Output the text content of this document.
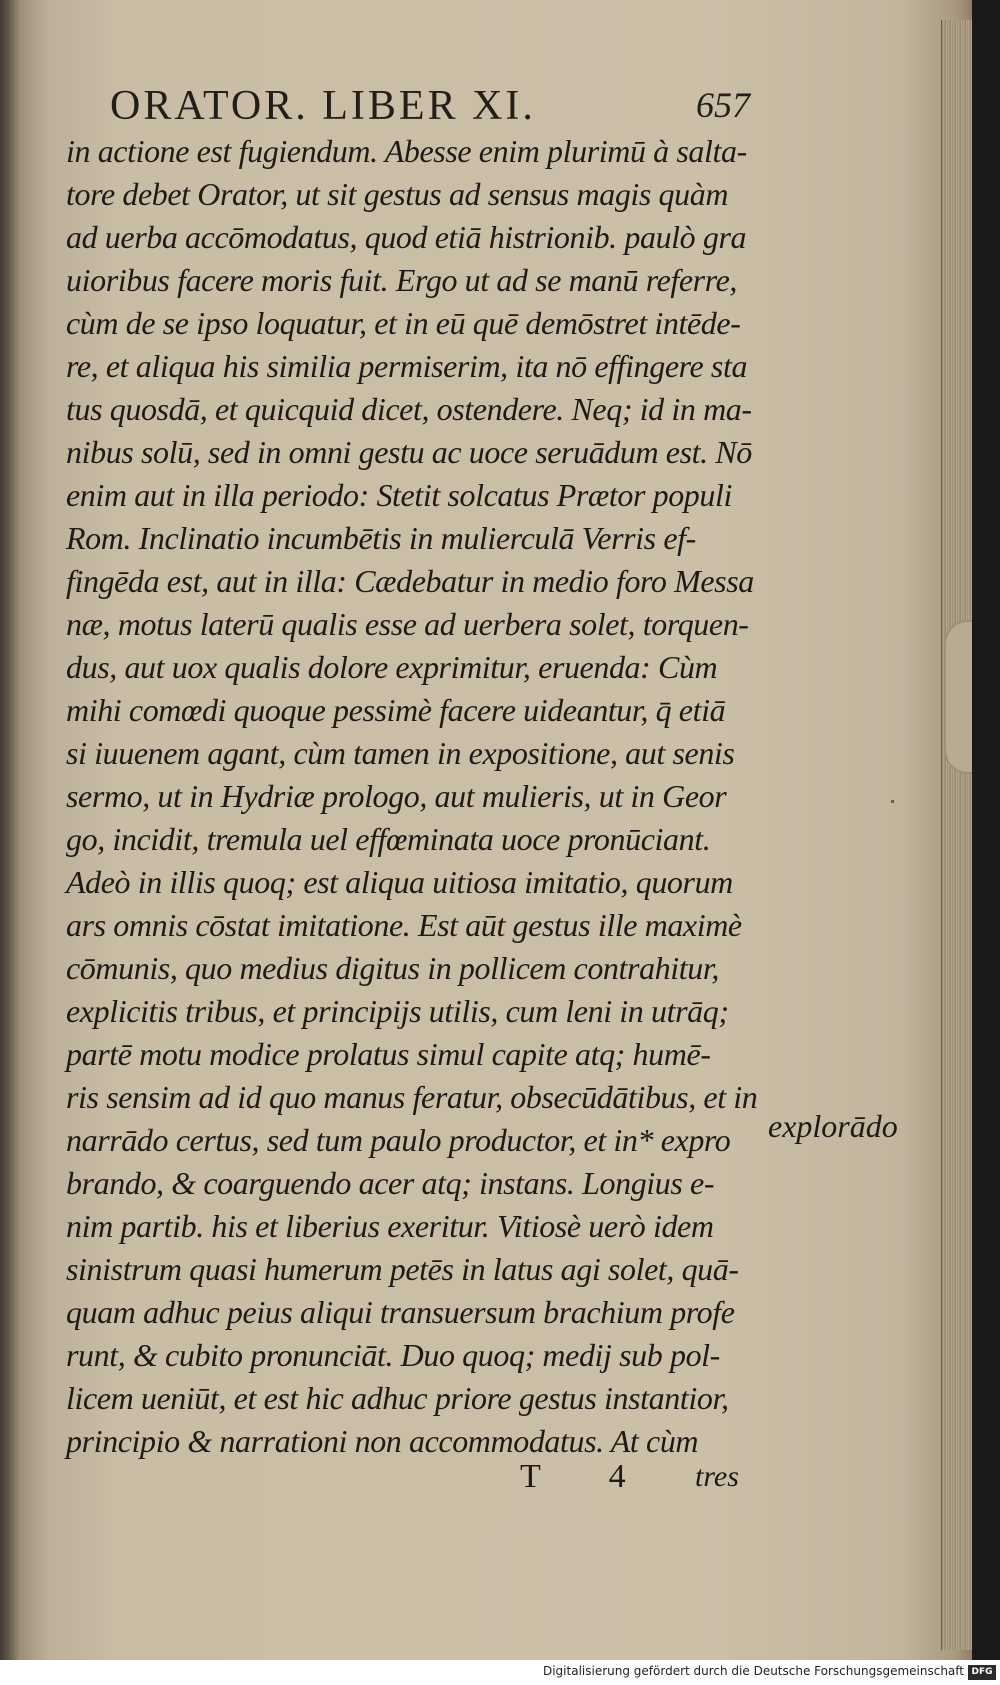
ORATOR. LIBER XI.	657
in actione est fugiendum. Abesse enim plurimū à salta-
tore debet Orator, ut sit gestus ad sensus magis quàm
ad uerba accōmodatus, quod etiā histrionib. paulò gra
uioribus facere moris fuit. Ergo ut ad se manū referre,
cùm de se ipso loquatur, et in eū quē demōstret intēde-
re, et aliqua his similia permiserim, ita nō effingere sta
tus quosdā, et quicquid dicet, ostendere. Neq; id in ma-
nibus solū, sed in omni gestu ac uoce seruādum est. Nō
enim aut in illa periodo: Stetit solcatus Prætor populi
Rom. Inclinatio incumbētis in mulierculā Verris ef-
fingēda est, aut in illa: Cædebatur in medio foro Messa
næ, motus laterū qualis esse ad uerbera solet, torquen-
dus, aut uox qualis dolore exprimitur, eruenda: Cùm
mihi comœdi quoque pessimè facere uideantur, q̄ etiā
si iuuenem agant, cùm tamen in expositione, aut senis
sermo, ut in Hydriæ prologo, aut mulieris, ut in Geor
go, incidit, tremula uel effœminata uoce pronūciant.
Adeò in illis quoq; est aliqua uitiosa imitatio, quorum
ars omnis cōstat imitatione. Est aūt gestus ille maximè
cōmunis, quo medius digitus in pollicem contrahitur,
explicitis tribus, et principijs utilis, cum leni in utrāq;
partē motu modice prolatus simul capite atq; humē-
ris sensim ad id quo manus feratur, obsecūdātibus, et in
narrādo certus, sed tum paulo productor, et in* expro
brando, & coarguendo acer atq; instans. Longius e-
nim partib. his et liberius exeritur. Vitiosè uerò idem
sinistrum quasi humerum petēs in latus agi solet, quā-
quam adhuc peius aliqui transuersum brachium profe
runt, & cubito pronunciāt. Duo quoq; medij sub pol-
licem ueniūt, et est hic adhuc priore gestus instantior,
principio & narrationi non accommodatus. At cùm
explorādo
T 4 tres
Digitalisierung gefördert durch die Deutsche Forschungsgemeinschaft DFG
